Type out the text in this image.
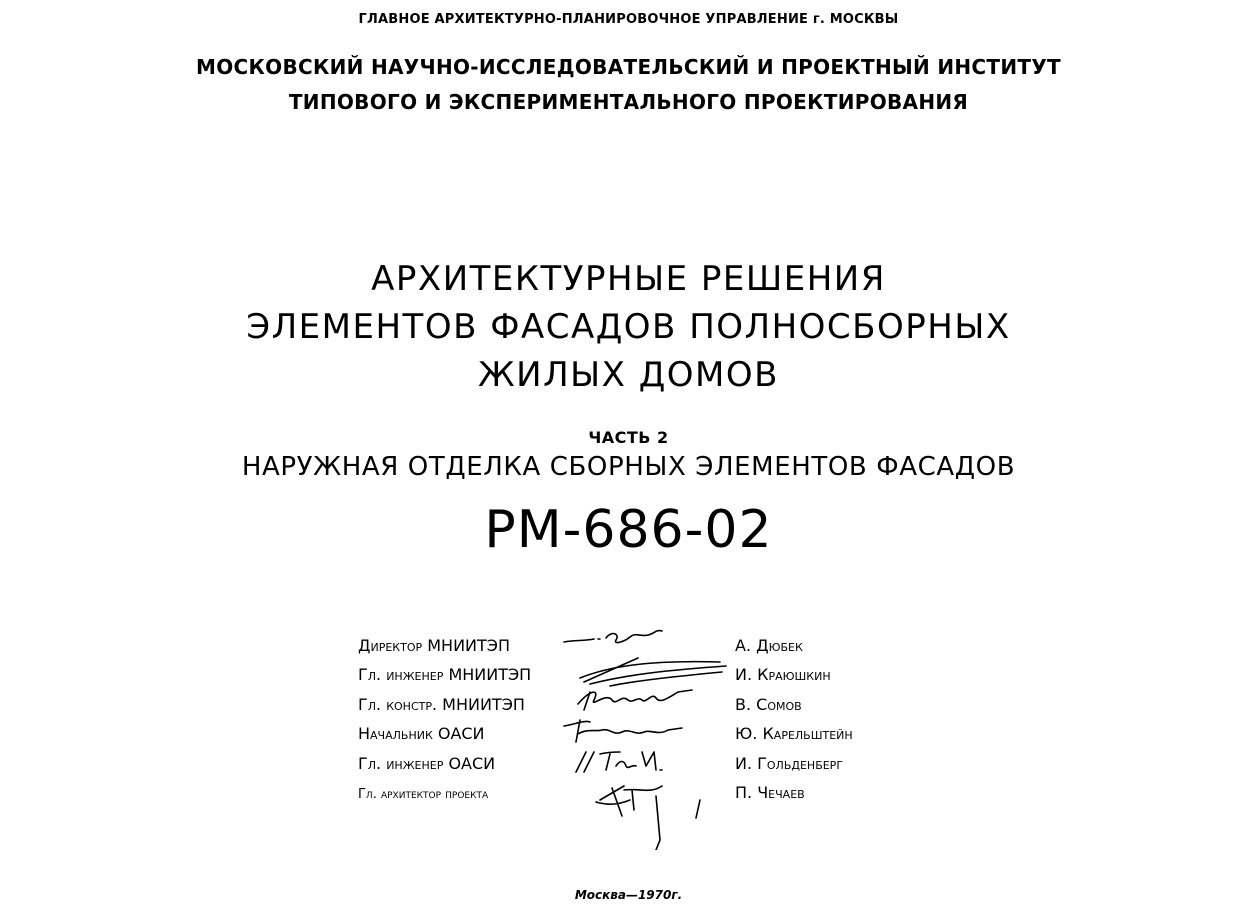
ГЛАВНОЕ АРХИТЕКТУРНО-ПЛАНИРОВОЧНОЕ УПРАВЛЕНИЕ г. МОСКВЫ
МОСКОВСКИЙ НАУЧНО-ИССЛЕДОВАТЕЛЬСКИЙ И ПРОЕКТНЫЙ ИНСТИТУТ
ТИПОВОГО И ЭКСПЕРИМЕНТАЛЬНОГО ПРОЕКТИРОВАНИЯ
АРХИТЕКТУРНЫЕ РЕШЕНИЯ
ЭЛЕМЕНТОВ ФАСАДОВ ПОЛНОСБОРНЫХ
ЖИЛЫХ ДОМОВ
ЧАСТЬ 2
НАРУЖНАЯ ОТДЕЛКА СБОРНЫХ ЭЛЕМЕНТОВ ФАСАДОВ
РМ-686-02
Директор МНИИТЭП	А. Дюбек
Гл. инженер МНИИТЭП	И. Краюшкин
Гл. констр. МНИИТЭП	В. Сомов
Начальник ОАСИ	Ю. Карельштейн
Гл. инженер ОАСИ	И. Гольденберг
Гл. архитектор проекта	П. Чечаев
Москва—1970г.
